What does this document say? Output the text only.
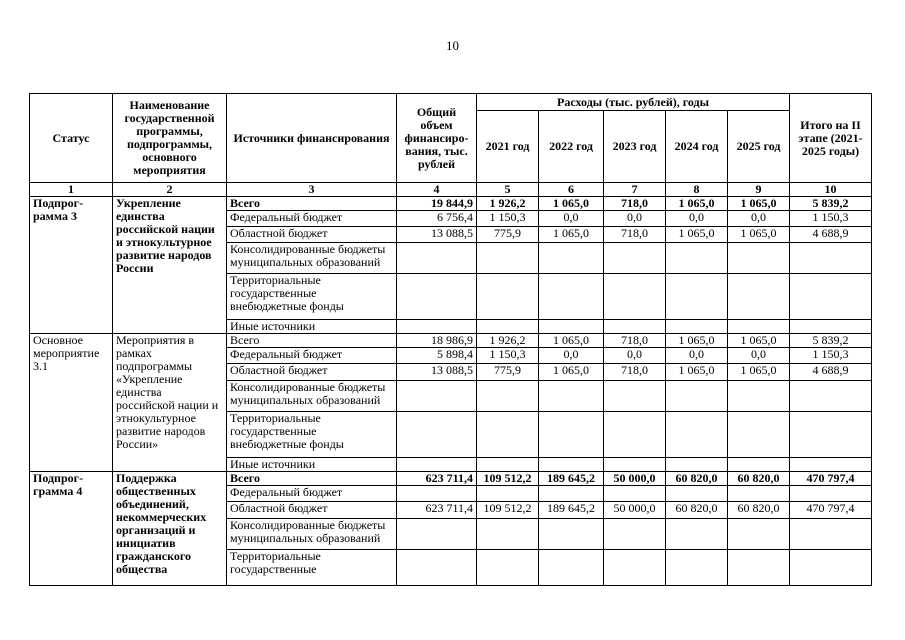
10
Статус	Наименование государственной программы, подпрограммы, основного мероприятия	Источники финансирования	Общий объем финансиро-вания, тыс. рублей	Расходы (тыс. рублей), годы					Итого на II этапе (2021-2025 годы)
				2021 год	2022 год	2023 год	2024 год	2025 год	
1	2	3	4	5	6	7	8	9	10
Подпрог-рамма 3	Укрепление единства российской нации и этнокультурное развитие народов России	Всего	19 844,9	1 926,2	1 065,0	718,0	1 065,0	1 065,0	5 839,2
		Федеральный бюджет	6 756,4	1 150,3	0,0	0,0	0,0	0,0	1 150,3
		Областной бюджет	13 088,5	775,9	1 065,0	718,0	1 065,0	1 065,0	4 688,9
		Консолидированные бюджеты муниципальных образований							
		Территориальные государственные внебюджетные фонды							
		Иные источники							
Основное мероприятие 3.1	Мероприятия в рамках подпрограммы «Укрепление единства российской нации и этнокультурное развитие народов России»	Всего	18 986,9	1 926,2	1 065,0	718,0	1 065,0	1 065,0	5 839,2
		Федеральный бюджет	5 898,4	1 150,3	0,0	0,0	0,0	0,0	1 150,3
		Областной бюджет	13 088,5	775,9	1 065,0	718,0	1 065,0	1 065,0	4 688,9
		Консолидированные бюджеты муниципальных образований							
		Территориальные государственные внебюджетные фонды							
		Иные источники							
Подпрог-грамма 4	Поддержка общественных объединений, некоммерческих организаций и инициатив гражданского общества	Всего	623 711,4	109 512,2	189 645,2	50 000,0	60 820,0	60 820,0	470 797,4
		Федеральный бюджет							
		Областной бюджет	623 711,4	109 512,2	189 645,2	50 000,0	60 820,0	60 820,0	470 797,4
		Консолидированные бюджеты муниципальных образований							
		Территориальные государственные							
